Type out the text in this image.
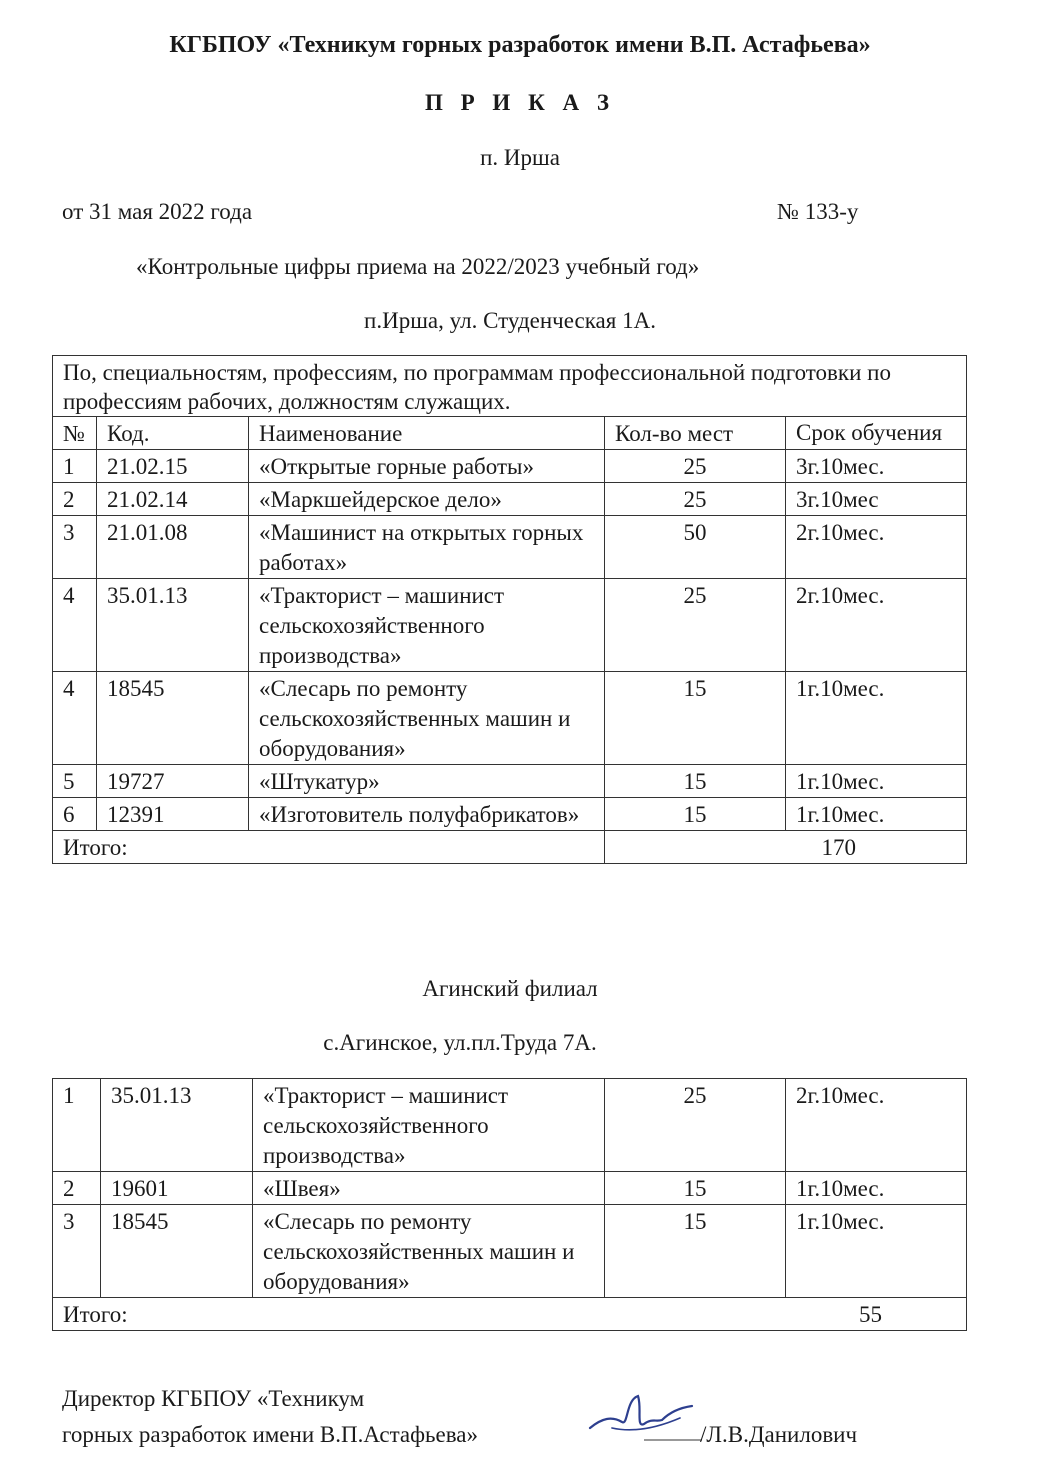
КГБПОУ «Техникум горных разработок имени В.П. Астафьева»
П Р И К А З
п. Ирша
от 31 мая 2022 года	№ 133-у
«Контрольные цифры приема на 2022/2023 учебный год»
п.Ирша, ул. Студенческая 1А.
По, специальностям, профессиям, по программам профессиональной подготовки по профессиям рабочих, должностям служащих.				
№	Код.	Наименование	Кол-во мест	Срок обучения
1	21.02.15	«Открытые горные работы»	25	3г.10мес.
2	21.02.14	«Маркшейдерское дело»	25	3г.10мес
3	21.01.08	«Машинист на открытых горных работах»	50	2г.10мес.
4	35.01.13	«Тракторист – машинист сельскохозяйственного производства»	25	2г.10мес.
4	18545	«Слесарь по ремонту сельскохозяйственных машин и оборудования»	15	1г.10мес.
5	19727	«Штукатур»	15	1г.10мес.
6	12391	«Изготовитель полуфабрикатов»	15	1г.10мес.
Итого:			170	
Агинский филиал
с.Агинское, ул.пл.Труда 7А.
1	35.01.13	«Тракторист – машинист сельскохозяйственного производства»	25	2г.10мес.
2	19601	«Швея»	15	1г.10мес.
3	18545	«Слесарь по ремонту сельскохозяйственных машин и оборудования»	15	1г.10мес.
Итого:			55	
Директор КГБПОУ «Техникум
горных разработок имени В.П.Астафьева»	/Л.В.Данилович
